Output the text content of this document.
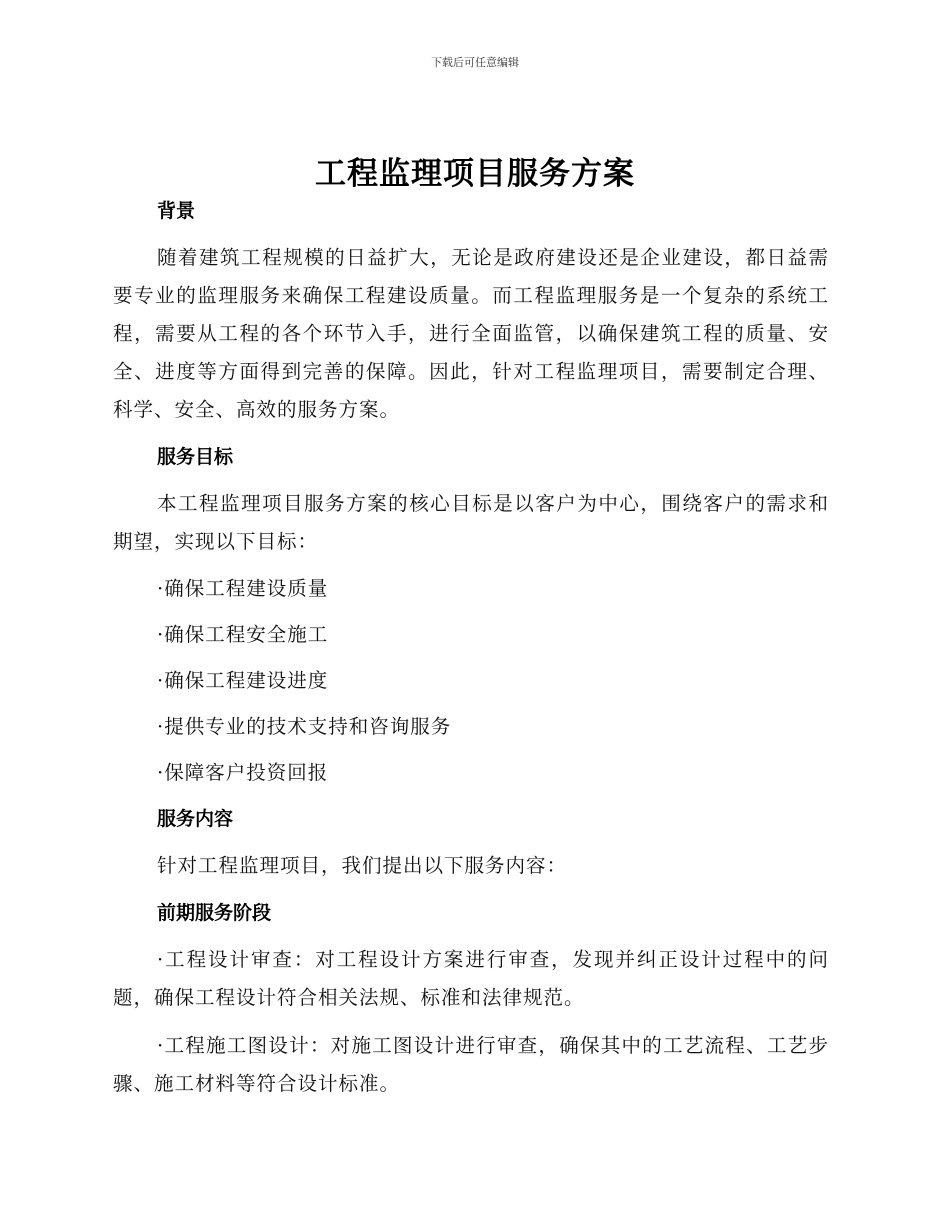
下载后可任意编辑
工程监理项目服务方案
背景

随着建筑工程规模的日益扩大，无论是政府建设还是企业建设，都日益需要专业的监理服务来确保工程建设质量。而工程监理服务是一个复杂的系统工程，需要从工程的各个环节入手，进行全面监管，以确保建筑工程的质量、安全、进度等方面得到完善的保障。因此，针对工程监理项目，需要制定合理、科学、安全、高效的服务方案。

服务目标

本工程监理项目服务方案的核心目标是以客户为中心，围绕客户的需求和期望，实现以下目标：

·确保工程建设质量
·确保工程安全施工
·确保工程建设进度
·提供专业的技术支持和咨询服务
·保障客户投资回报
服务内容

针对工程监理项目，我们提出以下服务内容：

前期服务阶段

·工程设计审查：对工程设计方案进行审查，发现并纠正设计过程中的问题，确保工程设计符合相关法规、标准和法律规范。

·工程施工图设计：对施工图设计进行审查，确保其中的工艺流程、工艺步骤、施工材料等符合设计标准。
